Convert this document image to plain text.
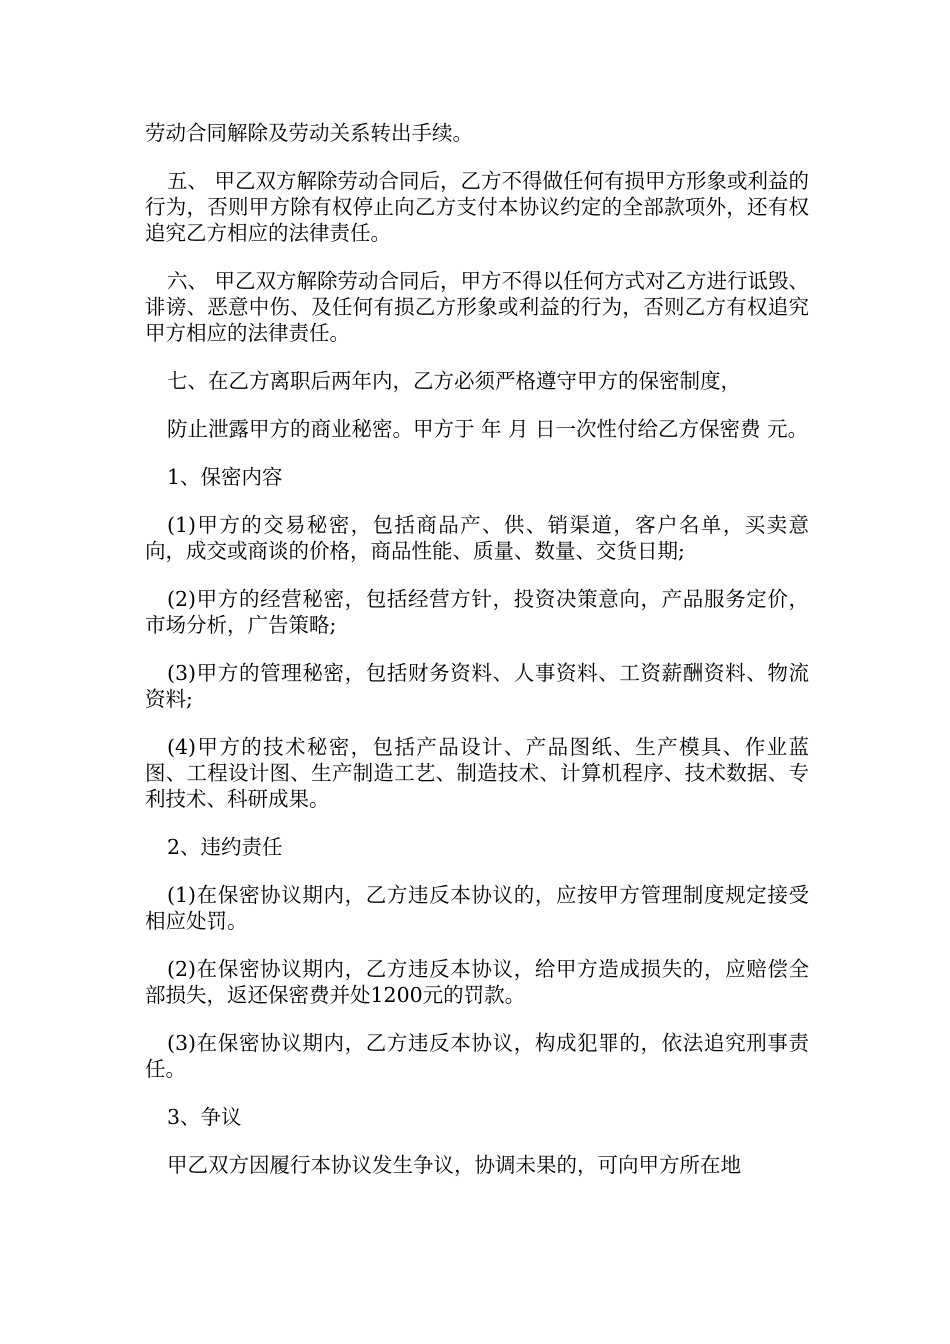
劳动合同解除及劳动关系转出手续。

五、 甲乙双方解除劳动合同后，乙方不得做任何有损甲方形象或利益的行为，否则甲方除有权停止向乙方支付本协议约定的全部款项外，还有权追究乙方相应的法律责任。

六、 甲乙双方解除劳动合同后，甲方不得以任何方式对乙方进行诋毁、诽谤、恶意中伤、及任何有损乙方形象或利益的行为，否则乙方有权追究甲方相应的法律责任。

七、在乙方离职后两年内，乙方必须严格遵守甲方的保密制度，

防止泄露甲方的商业秘密。甲方于 年 月 日一次性付给乙方保密费 元。

1、保密内容

(1)甲方的交易秘密，包括商品产、供、销渠道，客户名单，买卖意向，成交或商谈的价格，商品性能、质量、数量、交货日期;

(2)甲方的经营秘密，包括经营方针，投资决策意向，产品服务定价，市场分析，广告策略;

(3)甲方的管理秘密，包括财务资料、人事资料、工资薪酬资料、物流资料;

(4)甲方的技术秘密，包括产品设计、产品图纸、生产模具、作业蓝图、工程设计图、生产制造工艺、制造技术、计算机程序、技术数据、专利技术、科研成果。

2、违约责任

(1)在保密协议期内，乙方违反本协议的，应按甲方管理制度规定接受相应处罚。

(2)在保密协议期内，乙方违反本协议，给甲方造成损失的，应赔偿全部损失，返还保密费并处1200元的罚款。

(3)在保密协议期内，乙方违反本协议，构成犯罪的，依法追究刑事责任。

3、争议

甲乙双方因履行本协议发生争议，协调未果的，可向甲方所在地
